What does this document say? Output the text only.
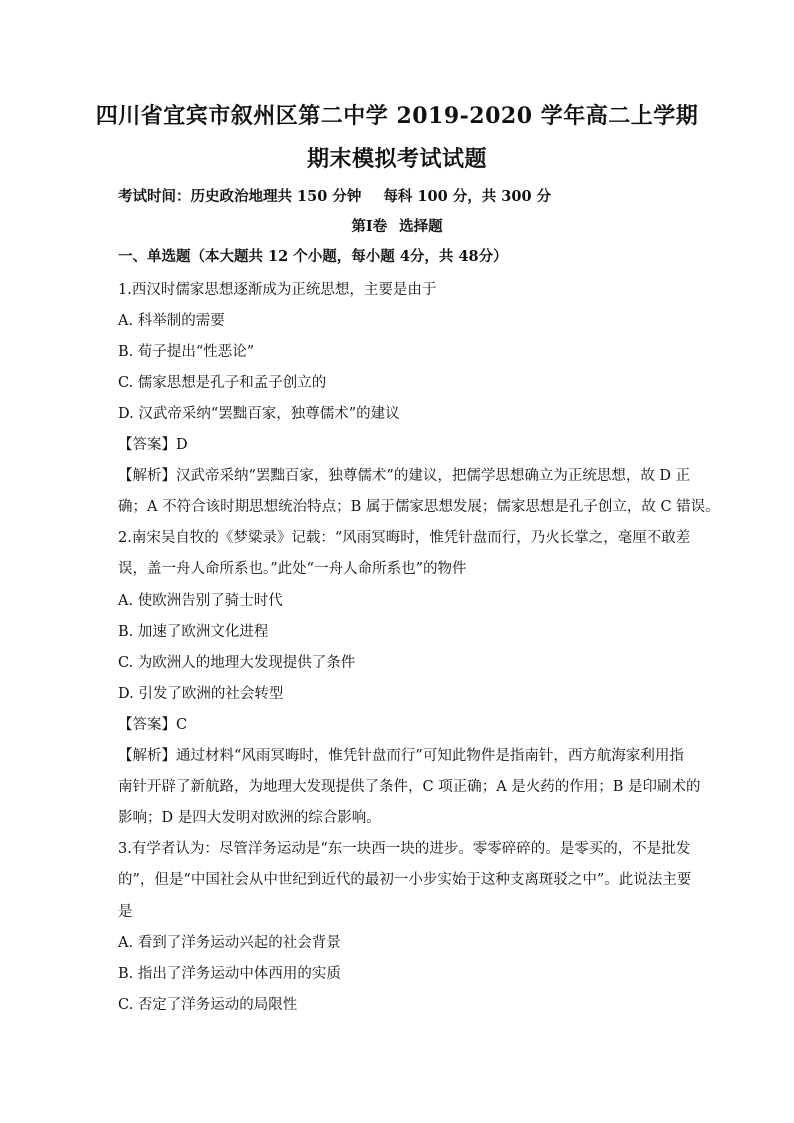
四川省宜宾市叙州区第二中学 2019-2020 学年高二上学期
期末模拟考试试题
考试时间：历史政治地理共 150 分钟 每科 100 分，共 300 分
第Ⅰ卷 选择题
一、单选题（本大题共 12 个小题，每小题 4分，共 48分）
1.西汉时儒家思想逐渐成为正统思想，主要是由于
A. 科举制的需要
B. 荀子提出“性恶论”
C. 儒家思想是孔子和孟子创立的
D. 汉武帝采纳“罢黜百家，独尊儒术”的建议
【答案】D
【解析】汉武帝采纳“罢黜百家，独尊儒术”的建议，把儒学思想确立为正统思想，故 D 正
确；A 不符合该时期思想统治特点；B 属于儒家思想发展；儒家思想是孔子创立，故 C 错误。
2.南宋吴自牧的《梦粱录》记载：“风雨冥晦时，惟凭针盘而行，乃火长掌之，毫厘不敢差
误，盖一舟人命所系也。”此处“一舟人命所系也”的物件
A. 使欧洲告别了骑士时代
B. 加速了欧洲文化进程
C. 为欧洲人的地理大发现提供了条件
D. 引发了欧洲的社会转型
【答案】C
【解析】通过材料“风雨冥晦时，惟凭针盘而行”可知此物件是指南针，西方航海家利用指
南针开辟了新航路，为地理大发现提供了条件，C 项正确；A 是火药的作用；B 是印刷术的
影响；D 是四大发明对欧洲的综合影响。
3.有学者认为：尽管洋务运动是“东一块西一块的进步。零零碎碎的。是零买的，不是批发
的”，但是“中国社会从中世纪到近代的最初一小步实始于这种支离斑驳之中”。此说法主要
是
A. 看到了洋务运动兴起的社会背景
B. 指出了洋务运动中体西用的实质
C. 否定了洋务运动的局限性
